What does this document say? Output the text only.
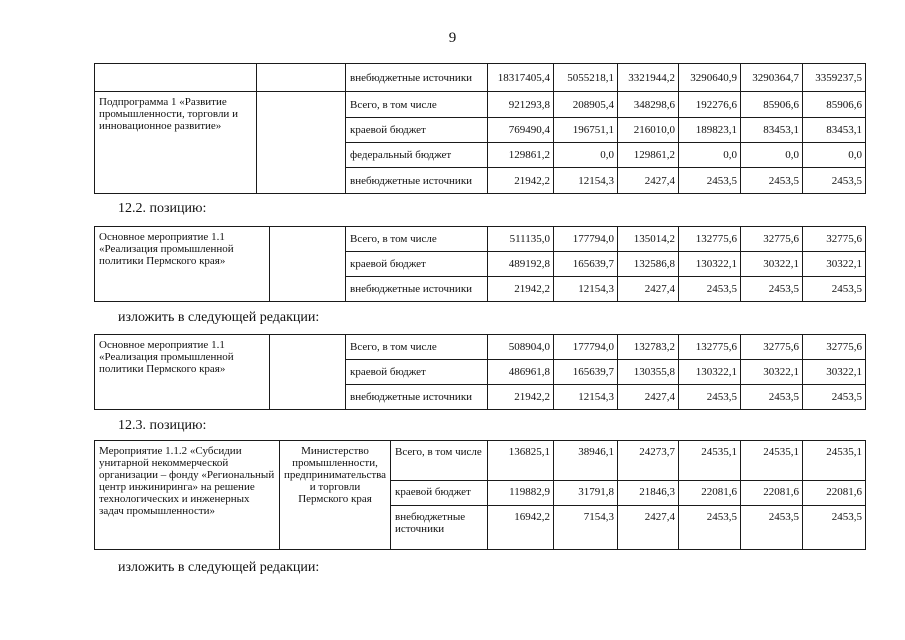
9
		внебюджетные источники	18317405,4	5055218,1	3321944,2	3290640,9	3290364,7	3359237,5
Подпрограмма 1 «Развитие промышленности, торговли и инновационное развитие»		Всего, в том числе	921293,8	208905,4	348298,6	192276,6	85906,6	85906,6
		краевой бюджет	769490,4	196751,1	216010,0	189823,1	83453,1	83453,1
		федеральный бюджет	129861,2	0,0	129861,2	0,0	0,0	0,0
		внебюджетные источники	21942,2	12154,3	2427,4	2453,5	2453,5	2453,5
12.2. позицию:
Основное мероприятие 1.1 «Реализация промышленной политики Пермского края»		Всего, в том числе	511135,0	177794,0	135014,2	132775,6	32775,6	32775,6
		краевой бюджет	489192,8	165639,7	132586,8	130322,1	30322,1	30322,1
		внебюджетные источники	21942,2	12154,3	2427,4	2453,5	2453,5	2453,5
изложить в следующей редакции:
Основное мероприятие 1.1 «Реализация промышленной политики Пермского края»		Всего, в том числе	508904,0	177794,0	132783,2	132775,6	32775,6	32775,6
		краевой бюджет	486961,8	165639,7	130355,8	130322,1	30322,1	30322,1
		внебюджетные источники	21942,2	12154,3	2427,4	2453,5	2453,5	2453,5
12.3. позицию:
Мероприятие 1.1.2 «Субсидии унитарной некоммерческой организации – фонду «Региональный центр инжиниринга» на решение технологических и инженерных задач промышленности»	Министерство промышленности, предпринимательства и торговли Пермского края	Всего, в том числе	136825,1	38946,1	24273,7	24535,1	24535,1	24535,1
		краевой бюджет	119882,9	31791,8	21846,3	22081,6	22081,6	22081,6
		внебюджетные источники	16942,2	7154,3	2427,4	2453,5	2453,5	2453,5
изложить в следующей редакции:
